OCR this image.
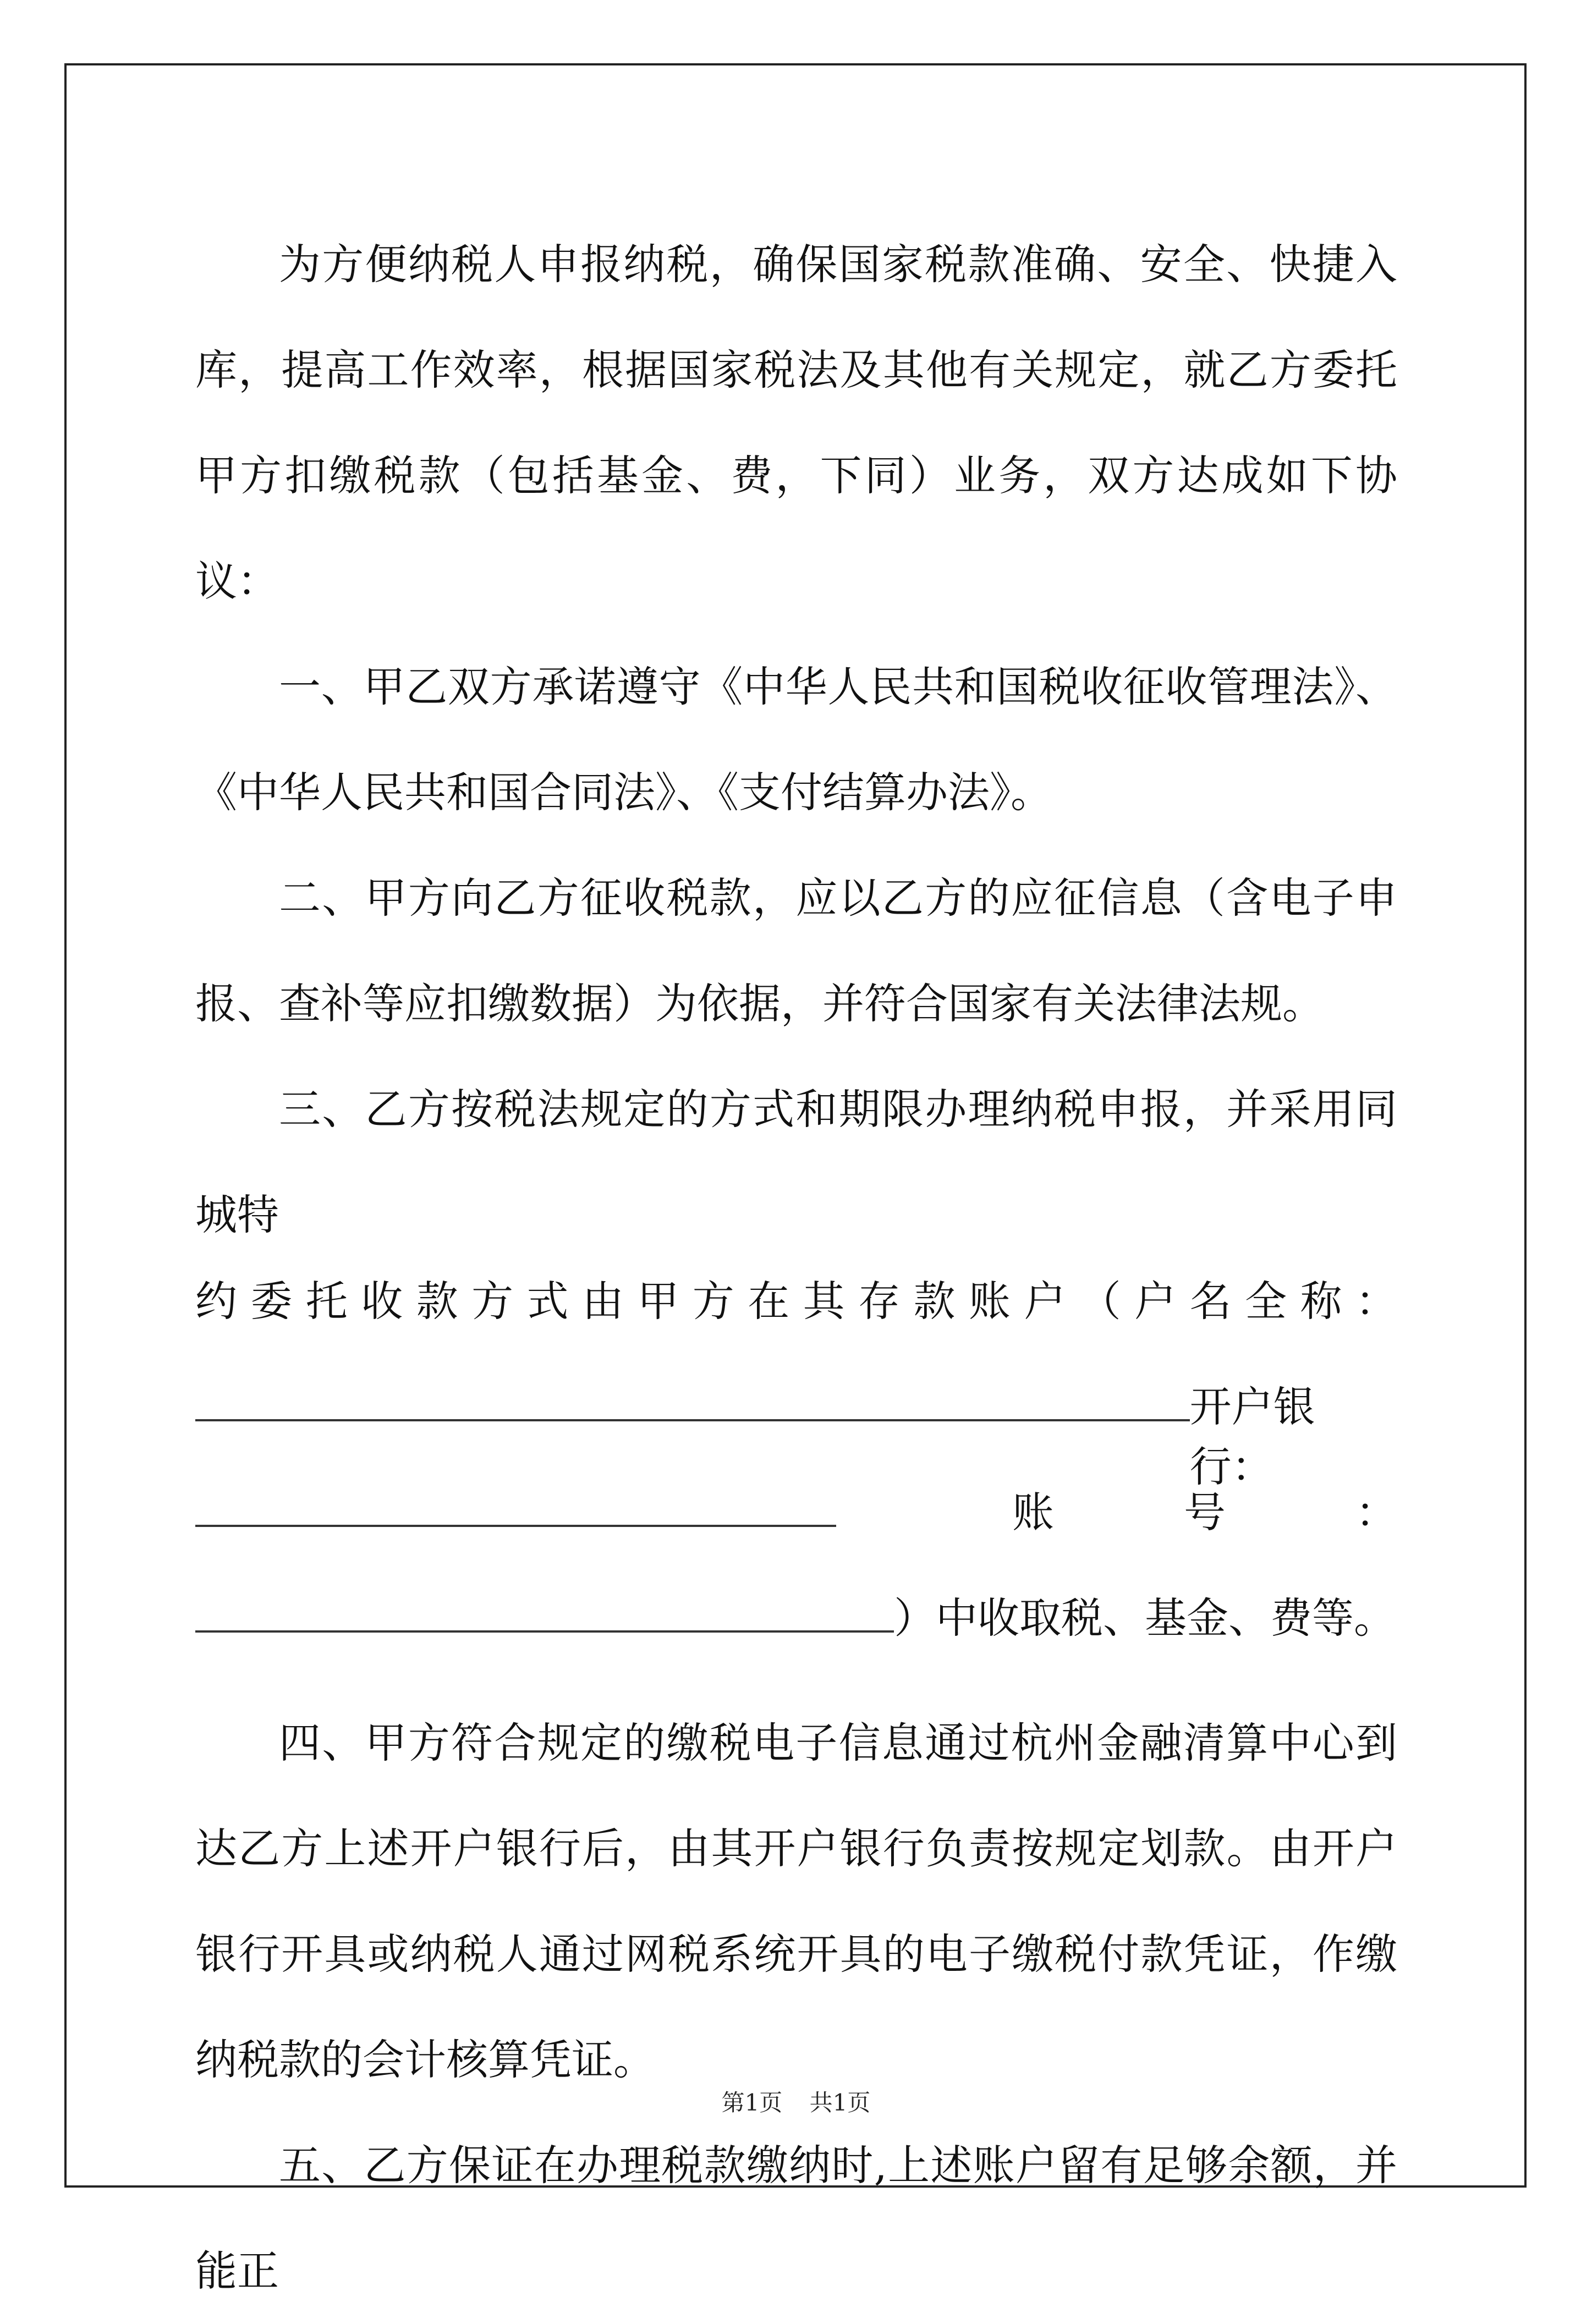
为方便纳税人申报纳税，确保国家税款准确、安全、快捷入库，提高工作效率，根据国家税法及其他有关规定，就乙方委托甲方扣缴税款（包括基金、费，下同）业务，双方达成如下协议：

一、甲乙双方承诺遵守《中华人民共和国税收征收管理法》、《中华人民共和国合同法》、《支付结算办法》。

二、甲方向乙方征收税款，应以乙方的应征信息（含电子申报、查补等应扣缴数据）为依据，并符合国家有关法律法规。

三、乙方按税法规定的方式和期限办理纳税申报，并采用同城特

约 委 托 收 款 方 式 由 甲 方 在 其 存 款 账 户 （ 户 名 全 称 ：
开户银行：
账	号	：
）中收取税、基金、费等。

四、甲方符合规定的缴税电子信息通过杭州金融清算中心到达乙方上述开户银行后，由其开户银行负责按规定划款。由开户银行开具或纳税人通过网税系统开具的电子缴税付款凭证，作缴纳税款的会计核算凭证。

五、乙方保证在办理税款缴纳时,上述账户留有足够余额，并能正

第1页 共1页
